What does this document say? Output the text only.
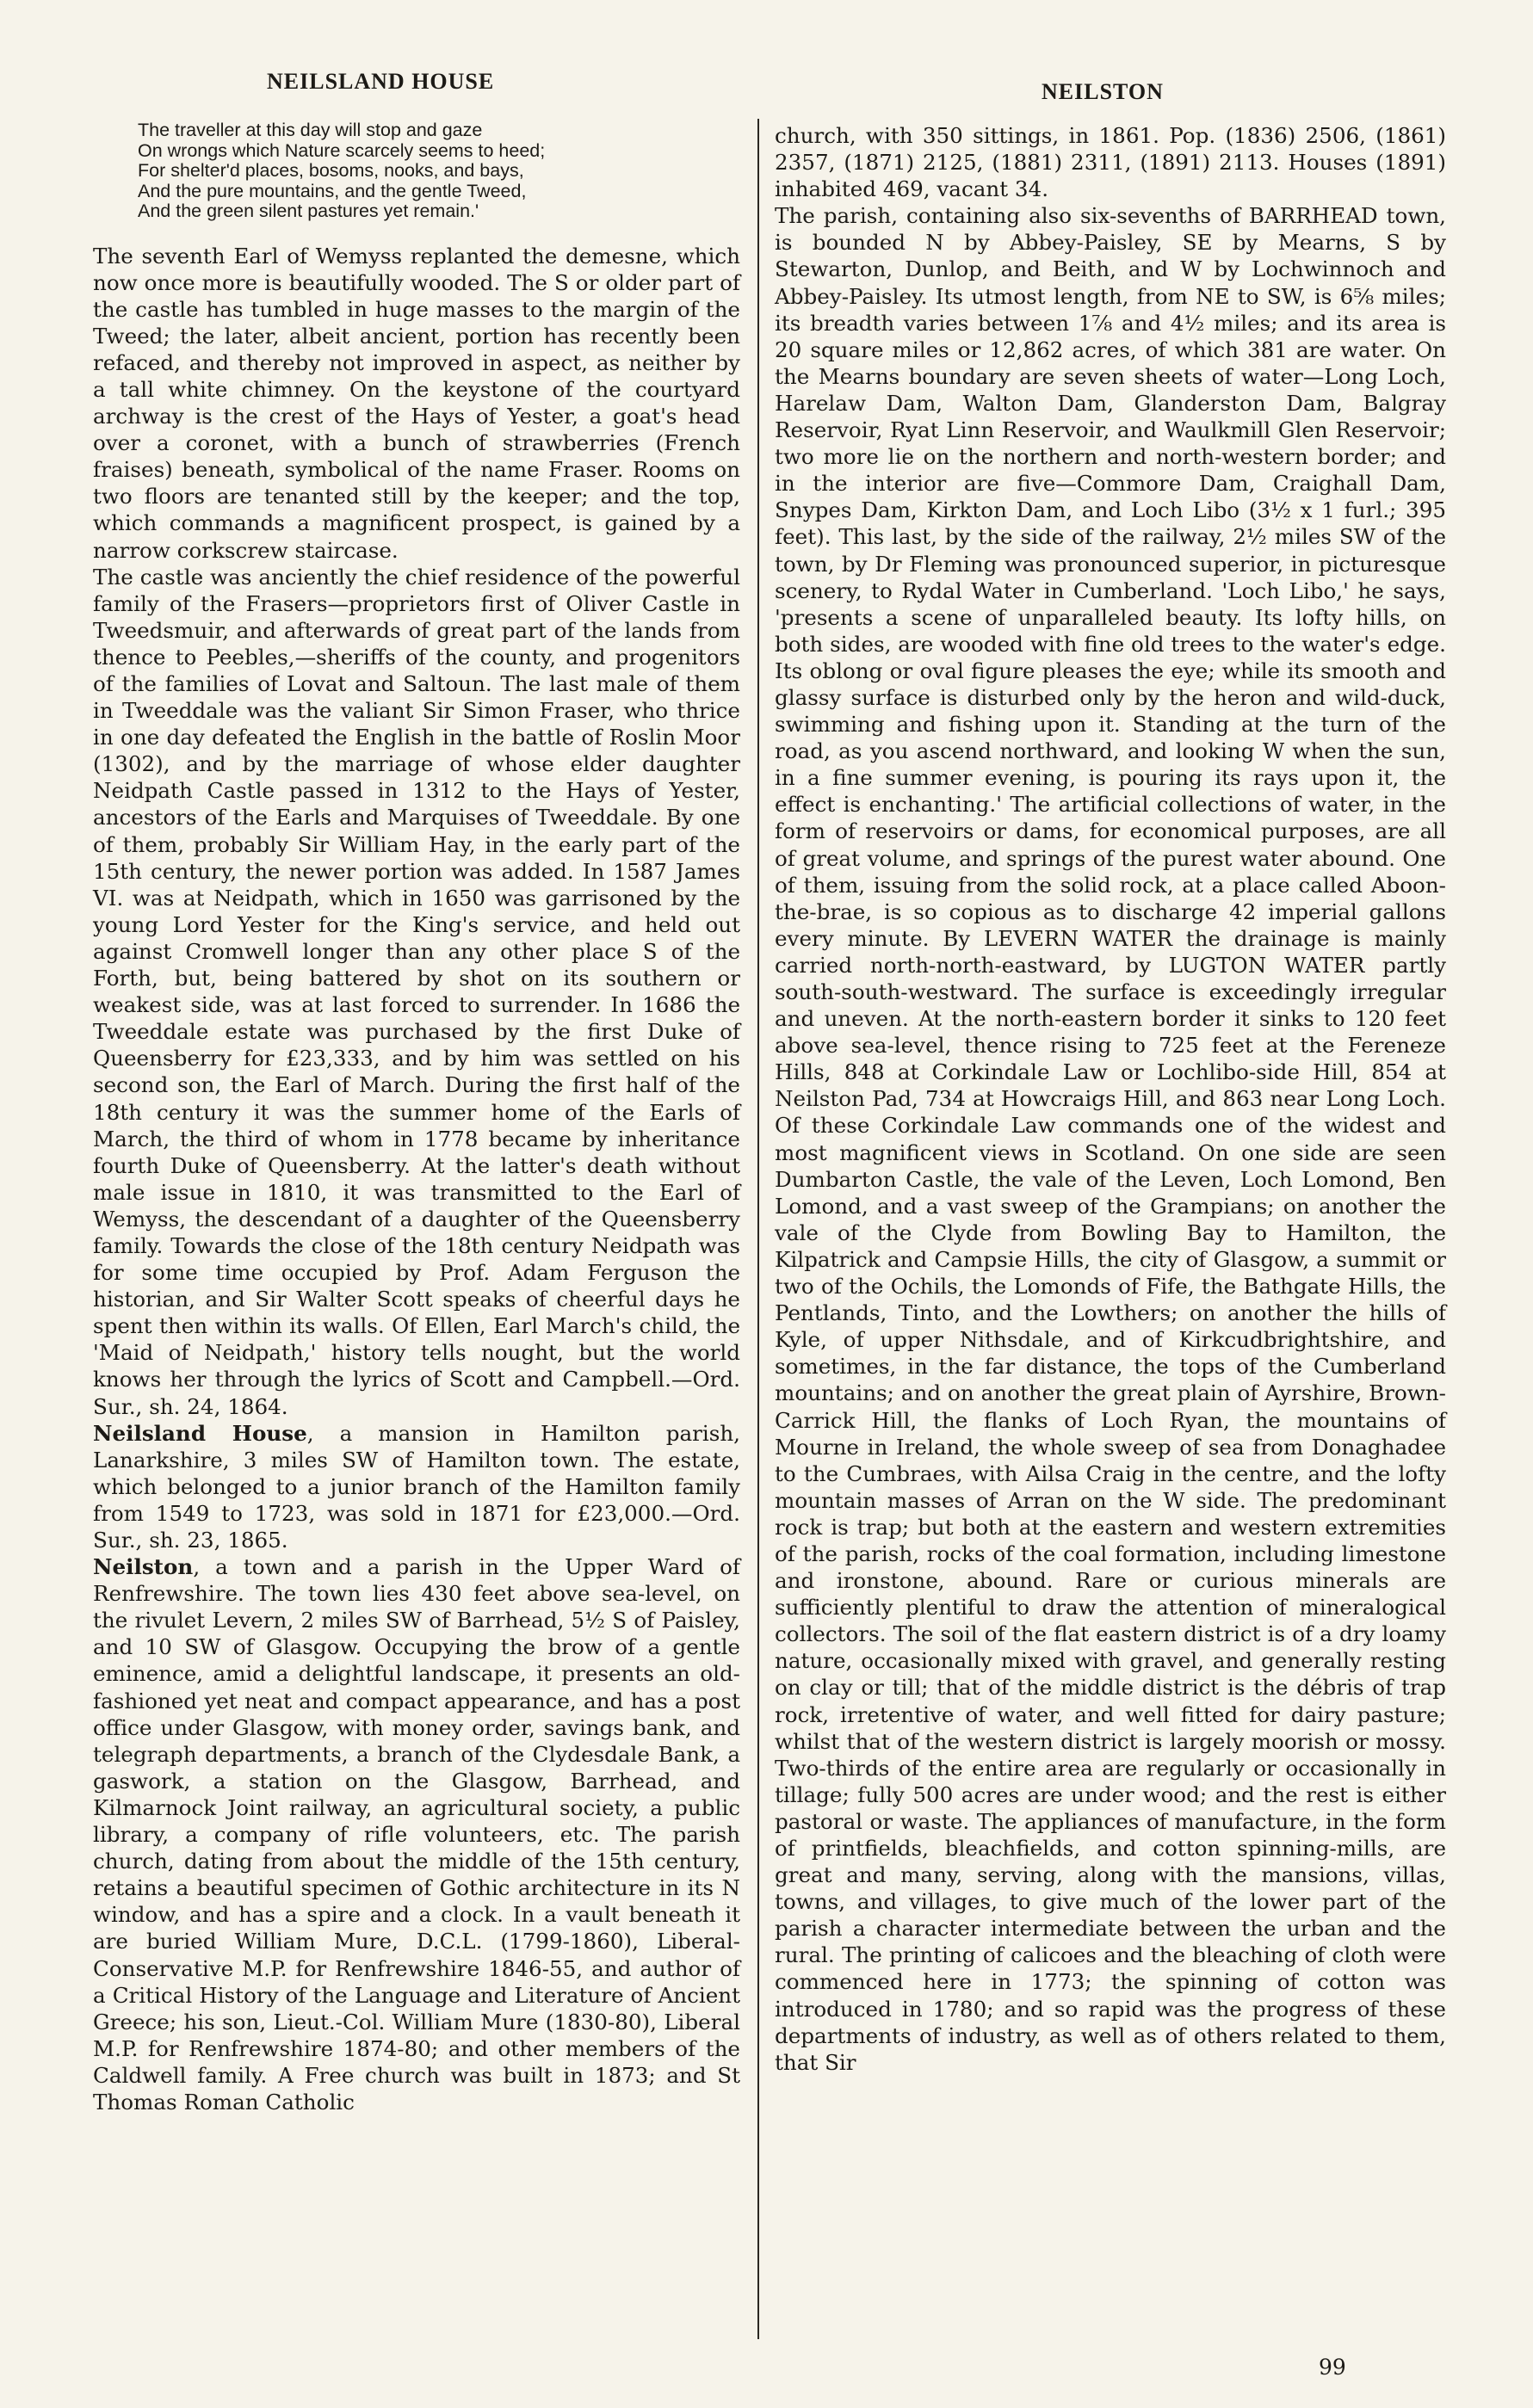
NEILSLAND HOUSE	NEILSTON
The traveller at this day will stop and gaze
On wrongs which Nature scarcely seems to heed;
For shelter'd places, bosoms, nooks, and bays,
And the pure mountains, and the gentle Tweed,
And the green silent pastures yet remain.'

The seventh Earl of Wemyss replanted the demesne, which now once more is beautifully wooded. The S or older part of the castle has tumbled in huge masses to the margin of the Tweed; the later, albeit ancient, portion has recently been refaced, and thereby not improved in aspect, as neither by a tall white chimney. On the keystone of the courtyard archway is the crest of the Hays of Yester, a goat's head over a coronet, with a bunch of strawberries (French fraises) beneath, symbolical of the name Fraser. Rooms on two floors are tenanted still by the keeper; and the top, which commands a magnificent prospect, is gained by a narrow corkscrew staircase.

The castle was anciently the chief residence of the powerful family of the Frasers—proprietors first of Oliver Castle in Tweedsmuir, and afterwards of great part of the lands from thence to Peebles,—sheriffs of the county, and progenitors of the families of Lovat and Saltoun. The last male of them in Tweeddale was the valiant Sir Simon Fraser, who thrice in one day defeated the English in the battle of Roslin Moor (1302), and by the marriage of whose elder daughter Neidpath Castle passed in 1312 to the Hays of Yester, ancestors of the Earls and Marquises of Tweeddale. By one of them, probably Sir William Hay, in the early part of the 15th century, the newer portion was added. In 1587 James VI. was at Neidpath, which in 1650 was garrisoned by the young Lord Yester for the King's service, and held out against Cromwell longer than any other place S of the Forth, but, being battered by shot on its southern or weakest side, was at last forced to surrender. In 1686 the Tweeddale estate was purchased by the first Duke of Queensberry for £23,333, and by him was settled on his second son, the Earl of March. During the first half of the 18th century it was the summer home of the Earls of March, the third of whom in 1778 became by inheritance fourth Duke of Queensberry. At the latter's death without male issue in 1810, it was transmitted to the Earl of Wemyss, the descendant of a daughter of the Queensberry family. Towards the close of the 18th century Neidpath was for some time occupied by Prof. Adam Ferguson the historian, and Sir Walter Scott speaks of cheerful days he spent then within its walls. Of Ellen, Earl March's child, the 'Maid of Neidpath,' history tells nought, but the world knows her through the lyrics of Scott and Campbell.—Ord. Sur., sh. 24, 1864.

Neilsland House, a mansion in Hamilton parish, Lanarkshire, 3 miles SW of Hamilton town. The estate, which belonged to a junior branch of the Hamilton family from 1549 to 1723, was sold in 1871 for £23,000.—Ord. Sur., sh. 23, 1865.

Neilston, a town and a parish in the Upper Ward of Renfrewshire. The town lies 430 feet above sea-level, on the rivulet Levern, 2 miles SW of Barrhead, 5½ S of Paisley, and 10 SW of Glasgow. Occupying the brow of a gentle eminence, amid a delightful landscape, it presents an old-fashioned yet neat and compact appearance, and has a post office under Glasgow, with money order, savings bank, and telegraph departments, a branch of the Clydesdale Bank, a gaswork, a station on the Glasgow, Barrhead, and Kilmarnock Joint railway, an agricultural society, a public library, a company of rifle volunteers, etc. The parish church, dating from about the middle of the 15th century, retains a beautiful specimen of Gothic architecture in its N window, and has a spire and a clock. In a vault beneath it are buried William Mure, D.C.L. (1799-1860), Liberal-Conservative M.P. for Renfrewshire 1846-55, and author of a Critical History of the Language and Literature of Ancient Greece; his son, Lieut.-Col. William Mure (1830-80), Liberal M.P. for Renfrewshire 1874-80; and other members of the Caldwell family. A Free church was built in 1873; and St Thomas Roman Catholic

church, with 350 sittings, in 1861. Pop. (1836) 2506, (1861) 2357, (1871) 2125, (1881) 2311, (1891) 2113. Houses (1891) inhabited 469, vacant 34.

The parish, containing also six-sevenths of BARRHEAD town, is bounded N by Abbey-Paisley, SE by Mearns, S by Stewarton, Dunlop, and Beith, and W by Lochwinnoch and Abbey-Paisley. Its utmost length, from NE to SW, is 6⅝ miles; its breadth varies between 1⅞ and 4½ miles; and its area is 20 square miles or 12,862 acres, of which 381 are water. On the Mearns boundary are seven sheets of water—Long Loch, Harelaw Dam, Walton Dam, Glanderston Dam, Balgray Reservoir, Ryat Linn Reservoir, and Waulkmill Glen Reservoir; two more lie on the northern and north-western border; and in the interior are five—Commore Dam, Craighall Dam, Snypes Dam, Kirkton Dam, and Loch Libo (3½ x 1 furl.; 395 feet). This last, by the side of the railway, 2½ miles SW of the town, by Dr Fleming was pronounced superior, in picturesque scenery, to Rydal Water in Cumberland. 'Loch Libo,' he says, 'presents a scene of unparalleled beauty. Its lofty hills, on both sides, are wooded with fine old trees to the water's edge. Its oblong or oval figure pleases the eye; while its smooth and glassy surface is disturbed only by the heron and wild-duck, swimming and fishing upon it. Standing at the turn of the road, as you ascend northward, and looking W when the sun, in a fine summer evening, is pouring its rays upon it, the effect is enchanting.' The artificial collections of water, in the form of reservoirs or dams, for economical purposes, are all of great volume, and springs of the purest water abound. One of them, issuing from the solid rock, at a place called Aboon-the-brae, is so copious as to discharge 42 imperial gallons every minute. By LEVERN WATER the drainage is mainly carried north-north-eastward, by LUGTON WATER partly south-south-westward. The surface is exceedingly irregular and uneven. At the north-eastern border it sinks to 120 feet above sea-level, thence rising to 725 feet at the Fereneze Hills, 848 at Corkindale Law or Lochlibo-side Hill, 854 at Neilston Pad, 734 at Howcraigs Hill, and 863 near Long Loch. Of these Corkindale Law commands one of the widest and most magnificent views in Scotland. On one side are seen Dumbarton Castle, the vale of the Leven, Loch Lomond, Ben Lomond, and a vast sweep of the Grampians; on another the vale of the Clyde from Bowling Bay to Hamilton, the Kilpatrick and Campsie Hills, the city of Glasgow, a summit or two of the Ochils, the Lomonds of Fife, the Bathgate Hills, the Pentlands, Tinto, and the Lowthers; on another the hills of Kyle, of upper Nithsdale, and of Kirkcudbrightshire, and sometimes, in the far distance, the tops of the Cumberland mountains; and on another the great plain of Ayrshire, Brown-Carrick Hill, the flanks of Loch Ryan, the mountains of Mourne in Ireland, the whole sweep of sea from Donaghadee to the Cumbraes, with Ailsa Craig in the centre, and the lofty mountain masses of Arran on the W side. The predominant rock is trap; but both at the eastern and western extremities of the parish, rocks of the coal formation, including limestone and ironstone, abound. Rare or curious minerals are sufficiently plentiful to draw the attention of mineralogical collectors. The soil of the flat eastern district is of a dry loamy nature, occasionally mixed with gravel, and generally resting on clay or till; that of the middle district is the débris of trap rock, irretentive of water, and well fitted for dairy pasture; whilst that of the western district is largely moorish or mossy. Two-thirds of the entire area are regularly or occasionally in tillage; fully 500 acres are under wood; and the rest is either pastoral or waste. The appliances of manufacture, in the form of printfields, bleachfields, and cotton spinning-mills, are great and many, serving, along with the mansions, villas, towns, and villages, to give much of the lower part of the parish a character intermediate between the urban and the rural. The printing of calicoes and the bleaching of cloth were commenced here in 1773; the spinning of cotton was introduced in 1780; and so rapid was the progress of these departments of industry, as well as of others related to them, that Sir

99
